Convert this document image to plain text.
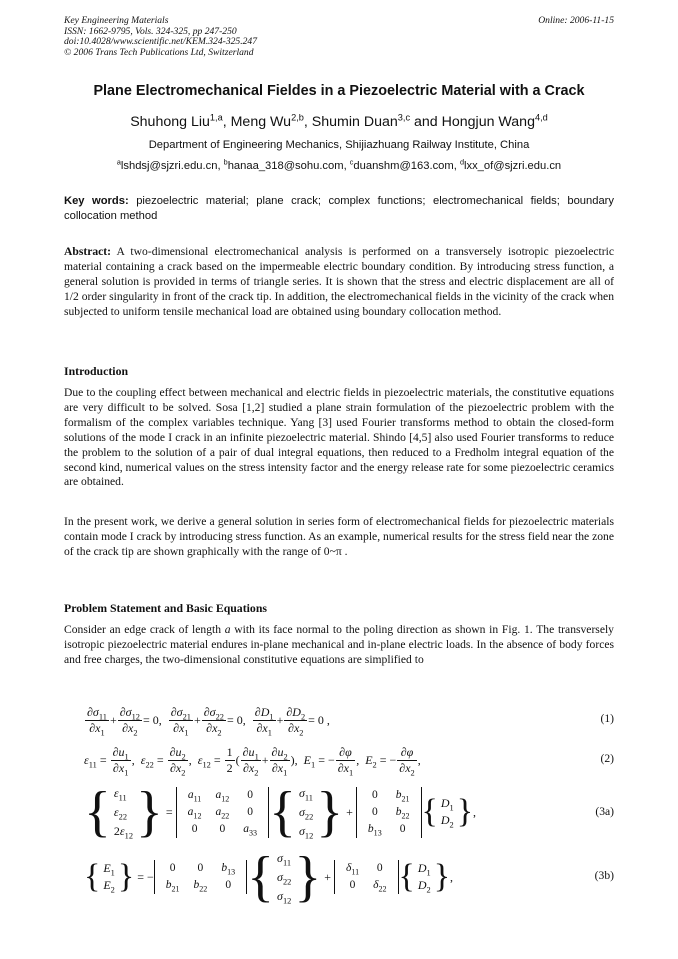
Key Engineering Materials
ISSN: 1662-9795, Vols. 324-325, pp 247-250
doi:10.4028/www.scientific.net/KEM.324-325.247
© 2006 Trans Tech Publications Ltd, Switzerland
Online: 2006-11-15
Plane Electromechanical Fieldes in a Piezoelectric Material with a Crack
Shuhong Liu$^{1,a}$, Meng Wu$^{2,b}$, Shumin Duan$^{3,c}$ and Hongjun Wang$^{4,d}$
Department of Engineering Mechanics, Shijiazhuang Railway Institute, China
$^a$lshdsj@sjzri.edu.cn, $^b$hanaa_318@sohu.com, $^c$duanshm@163.com, $^d$lxx_of@sjzri.edu.cn
Key words: piezoelectric material; plane crack; complex functions; electromechanical fields; boundary collocation method
Abstract: A two-dimensional electromechanical analysis is performed on a transversely isotropic piezoelectric material containing a crack based on the impermeable electric boundary condition. By introducing stress function, a general solution is provided in terms of triangle series. It is shown that the stress and electric displacement are all of 1/2 order singularity in front of the crack tip. In addition, the electromechanical fields in the vicinity of the crack when subjected to uniform tensile mechanical load are obtained using boundary collocation method.
Introduction
Due to the coupling effect between mechanical and electric fields in piezoelectric materials, the constitutive equations are very difficult to be solved. Sosa [1,2] studied a plane strain formulation of the piezoelectric problem with the formalism of the complex variables technique. Yang [3] used Fourier transforms method to obtain the closed-form solutions of the mode I crack in an infinite piezoelectric material. Shindo [4,5] also used Fourier transforms to reduce the problem to the solution of a pair of dual integral equations, then reduced to a Fredholm integral equation of the second kind, numerical values on the stress intensity factor and the energy release rate for some piezoelectric ceramics are obtained.
In the present work, we derive a general solution in series form of electromechanical fields for piezoelectric materials contain mode I crack by introducing stress function. As an example, numerical results for the stress field near the zone of the crack tip are shown graphically with the range of 0~π .
Problem Statement and Basic Equations
Consider an edge crack of length a with its face normal to the poling direction as shown in Fig. 1. The transversely isotropic piezoelectric material endures in-plane mechanical and in-plane electric loads. In the absence of body forces and free charges, the two-dimensional constitutive equations are simplified to
$\frac{\partial\sigma_{11}}{\partial x_1} + \frac{\partial\sigma_{12}}{\partial x_2} = 0$, $\frac{\partial\sigma_{21}}{\partial x_1} + \frac{\partial\sigma_{22}}{\partial x_2} = 0$, $\frac{\partial D_1}{\partial x_1} + \frac{\partial D_2}{\partial x_2} = 0$ ,	(1)
$\varepsilon_{11} = \frac{\partial u_1}{\partial x_1}$ , $\varepsilon_{22} = \frac{\partial u_2}{\partial x_2}$ , $\varepsilon_{12} = \frac{1}{2}$ ( $\frac{\partial u_1}{\partial x_2} + \frac{\partial u_2}{\partial x_1}$ ), $E_1$ = − $\frac{\partial\varphi}{\partial x_1}$ , $E_2$ = − $\frac{\partial\varphi}{\partial x_2}$ ,	(2)
{ $\varepsilon_{11}$
$\varepsilon_{22}$
$2\varepsilon_{12}$ } =
$a_{11}$	$a_{12}$	0
$a_{12}$	$a_{22}$	0
0	0	$a_{33}$ { $\sigma_{11}$
$\sigma_{22}$
$\sigma_{12}$ } +
0	$b_{21}$
0	$b_{22}$
$b_{13}$	0 { $D_1$
$D_2$ } ,	(3a)
{ $E_1$
$E_2$ } = −
0	0	$b_{13}$
$b_{21}$	$b_{22}$	0 { $\sigma_{11}$
$\sigma_{22}$
$\sigma_{12}$ } +
$\delta_{11}$	0
0	$\delta_{22}$ { $D_1$
$D_2$ } ,	(3b)
